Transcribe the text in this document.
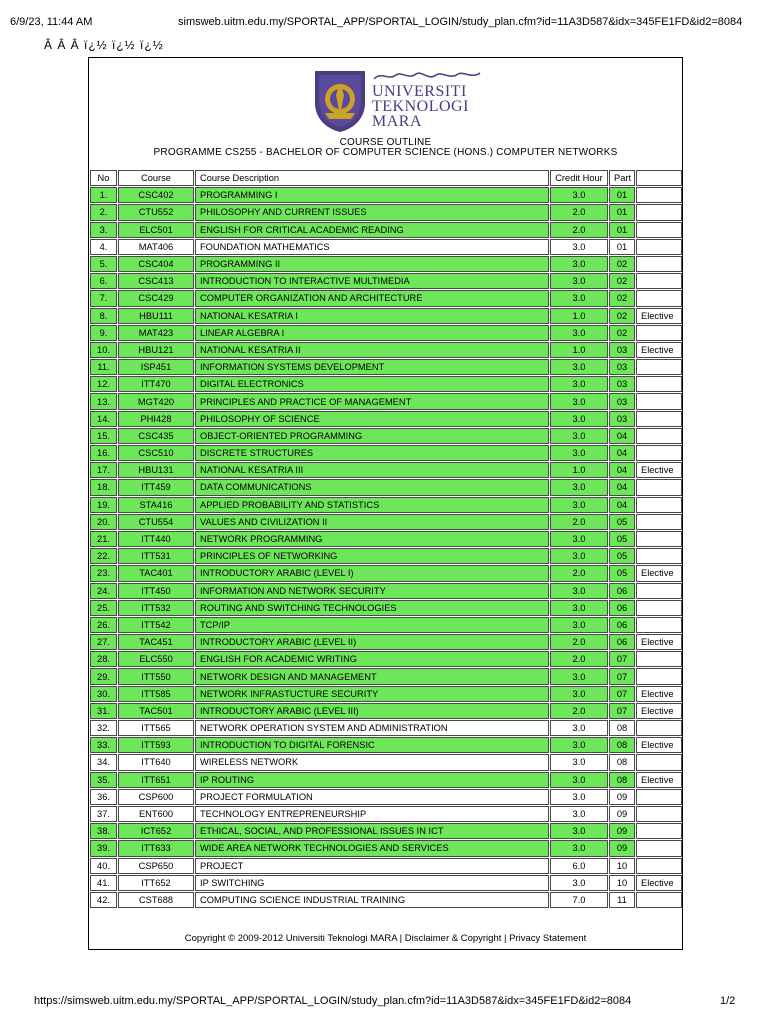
6/9/23, 11:44 AM	simsweb.uitm.edu.my/SPORTAL_APP/SPORTAL_LOGIN/study_plan.cfm?id=11A3D587&idx=345FE1FD&id2=8084
Â Â Â ï¿½ ï¿½ ï¿½
UNIVERSITI
TEKNOLOGI
MARA
COURSE OUTLINE
PROGRAMME CS255 - BACHELOR OF COMPUTER SCIENCE (HONS.) COMPUTER NETWORKS
No	Course	Course Description	Credit Hour	Part	
1.	CSC402	PROGRAMMING I	3.0	01	
2.	CTU552	PHILOSOPHY AND CURRENT ISSUES	2.0	01	
3.	ELC501	ENGLISH FOR CRITICAL ACADEMIC READING	2.0	01	
4.	MAT406	FOUNDATION MATHEMATICS	3.0	01	
5.	CSC404	PROGRAMMING II	3.0	02	
6.	CSC413	INTRODUCTION TO INTERACTIVE MULTIMEDIA	3.0	02	
7.	CSC429	COMPUTER ORGANIZATION AND ARCHITECTURE	3.0	02	
8.	HBU111	NATIONAL KESATRIA I	1.0	02	Elective
9.	MAT423	LINEAR ALGEBRA I	3.0	02	
10.	HBU121	NATIONAL KESATRIA II	1.0	03	Elective
11.	ISP451	INFORMATION SYSTEMS DEVELOPMENT	3.0	03	
12.	ITT470	DIGITAL ELECTRONICS	3.0	03	
13.	MGT420	PRINCIPLES AND PRACTICE OF MANAGEMENT	3.0	03	
14.	PHI428	PHILOSOPHY OF SCIENCE	3.0	03	
15.	CSC435	OBJECT-ORIENTED PROGRAMMING	3.0	04	
16.	CSC510	DISCRETE STRUCTURES	3.0	04	
17.	HBU131	NATIONAL KESATRIA III	1.0	04	Elective
18.	ITT459	DATA COMMUNICATIONS	3.0	04	
19.	STA416	APPLIED PROBABILITY AND STATISTICS	3.0	04	
20.	CTU554	VALUES AND CIVILIZATION II	2.0	05	
21.	ITT440	NETWORK PROGRAMMING	3.0	05	
22.	ITT531	PRINCIPLES OF NETWORKING	3.0	05	
23.	TAC401	INTRODUCTORY ARABIC (LEVEL I)	2.0	05	Elective
24.	ITT450	INFORMATION AND NETWORK SECURITY	3.0	06	
25.	ITT532	ROUTING AND SWITCHING TECHNOLOGIES	3.0	06	
26.	ITT542	TCP/IP	3.0	06	
27.	TAC451	INTRODUCTORY ARABIC (LEVEL II)	2.0	06	Elective
28.	ELC550	ENGLISH FOR ACADEMIC WRITING	2.0	07	
29.	ITT550	NETWORK DESIGN AND MANAGEMENT	3.0	07	
30.	ITT585	NETWORK INFRASTUCTURE SECURITY	3.0	07	Elective
31.	TAC501	INTRODUCTORY ARABIC (LEVEL III)	2.0	07	Elective
32.	ITT565	NETWORK OPERATION SYSTEM AND ADMINISTRATION	3.0	08	
33.	ITT593	INTRODUCTION TO DIGITAL FORENSIC	3.0	08	Elective
34.	ITT640	WIRELESS NETWORK	3.0	08	
35.	ITT651	IP ROUTING	3.0	08	Elective
36.	CSP600	PROJECT FORMULATION	3.0	09	
37.	ENT600	TECHNOLOGY ENTREPRENEURSHIP	3.0	09	
38.	ICT652	ETHICAL, SOCIAL, AND PROFESSIONAL ISSUES IN ICT	3.0	09	
39.	ITT633	WIDE AREA NETWORK TECHNOLOGIES AND SERVICES	3.0	09	
40.	CSP650	PROJECT	6.0	10	
41.	ITT652	IP SWITCHING	3.0	10	Elective
42.	CST688	COMPUTING SCIENCE INDUSTRIAL TRAINING	7.0	11	
Copyright © 2009-2012 Universiti Teknologi MARA | Disclaimer & Copyright | Privacy Statement
https://simsweb.uitm.edu.my/SPORTAL_APP/SPORTAL_LOGIN/study_plan.cfm?id=11A3D587&idx=345FE1FD&id2=8084	1/2
